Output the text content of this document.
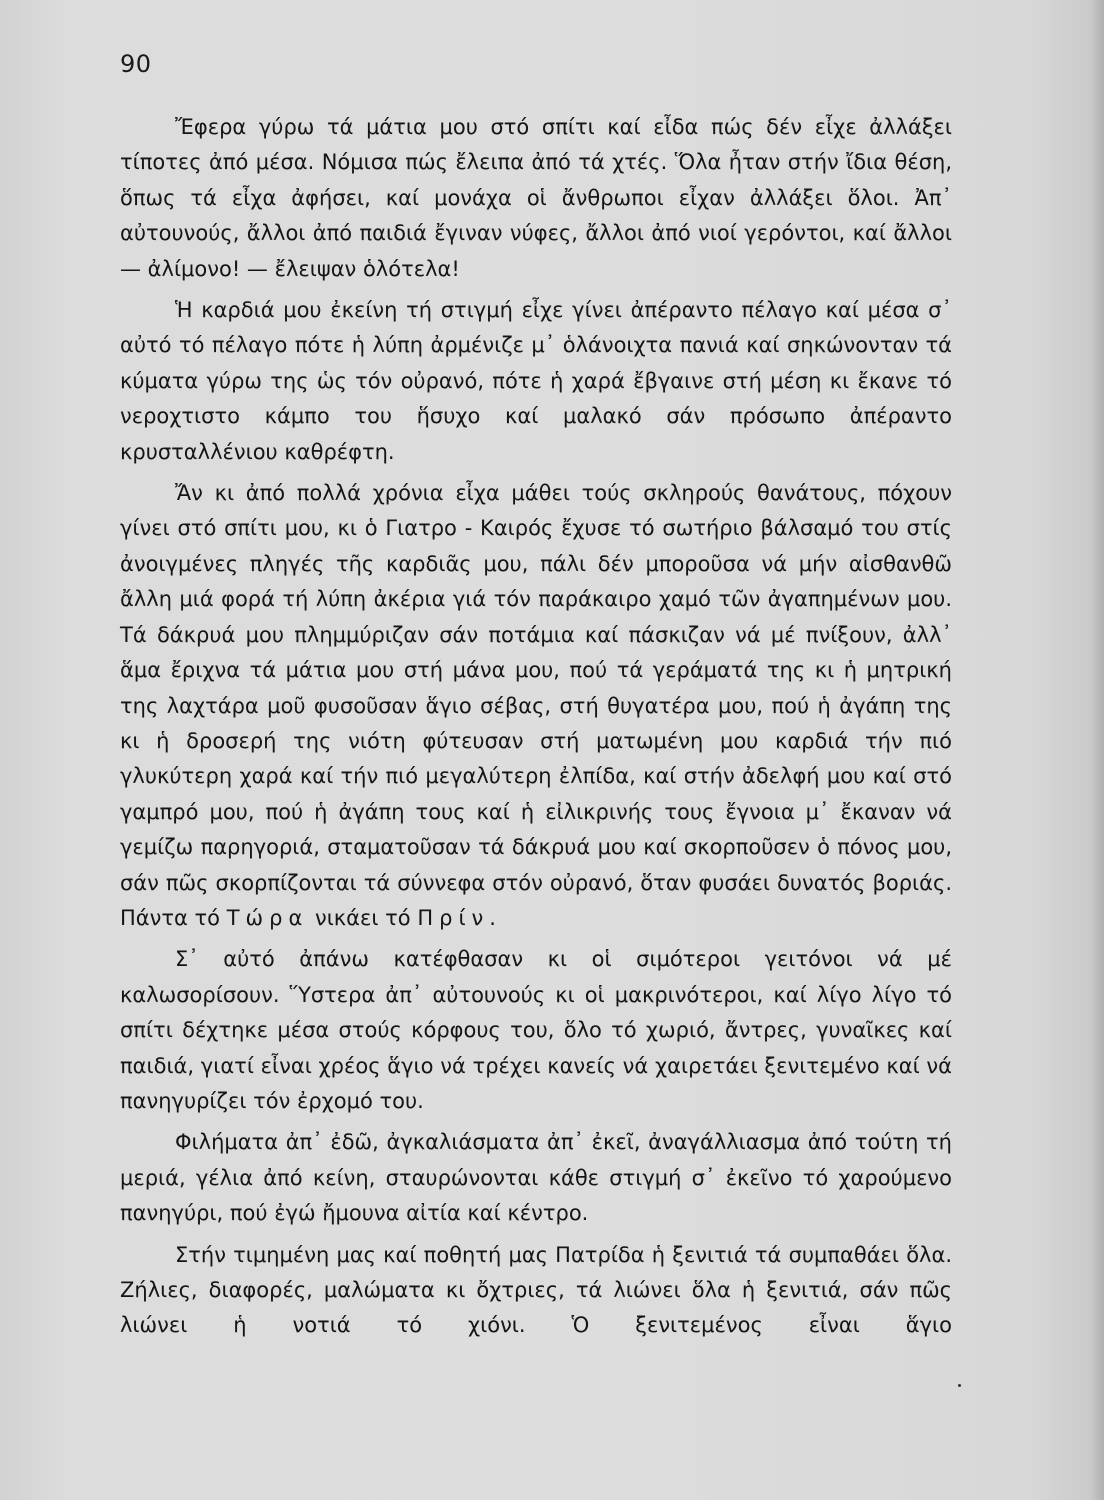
90

Ἔφερα γύρω τά μάτια μου στό σπίτι καί εἶδα πώς δέν εἶχε ἀλλάξει τίποτες ἀπό μέσα. Νόμισα πώς ἔλειπα ἀπό τά χτές. Ὅλα ἦταν στήν ἴδια θέση, ὅπως τά εἶχα ἀφήσει, καί μονάχα οἱ ἄνθρωποι εἶχαν ἀλλάξει ὅλοι. Ἀπ᾿ αὐτουνούς, ἄλλοι ἀπό παιδιά ἔγιναν νύφες, ἄλλοι ἀπό νιοί γερόντοι, καί ἄλλοι — ἀλίμονο! — ἔλειψαν ὁλότελα!

Ἡ καρδιά μου ἐκείνη τή στιγμή εἶχε γίνει ἀπέραντο πέλαγο καί μέσα σ᾿ αὐτό τό πέλαγο πότε ἡ λύπη ἀρμένιζε μ᾿ ὁλάνοιχτα πανιά καί σηκώνονταν τά κύματα γύρω της ὡς τόν οὐρανό, πότε ἡ χαρά ἔβγαινε στή μέση κι ἔκανε τό νεροχτιστο κάμπο του ἥσυχο καί μαλακό σάν πρόσωπο ἀπέραντο κρυσταλλένιου καθρέφτη.

Ἄν κι ἀπό πολλά χρόνια εἶχα μάθει τούς σκληρούς θανάτους, πόχουν γίνει στό σπίτι μου, κι ὁ Γιατρο - Καιρός ἔχυσε τό σωτήριο βάλσαμό του στίς ἀνοιγμένες πληγές τῆς καρδιᾶς μου, πάλι δέν μποροῦσα νά μήν αἰσθανθῶ ἄλλη μιά φορά τή λύπη ἀκέρια γιά τόν παράκαιρο χαμό τῶν ἀγαπημένων μου. Τά δάκρυά μου πλημμύριζαν σάν ποτάμια καί πάσκιζαν νά μέ πνίξουν, ἀλλ᾿ ἅμα ἔριχνα τά μάτια μου στή μάνα μου, πού τά γεράματά της κι ἡ μητρική της λαχτάρα μοῦ φυσοῦσαν ἅγιο σέβας, στή θυγατέρα μου, πού ἡ ἀγάπη της κι ἡ δροσερή της νιότη φύτευσαν στή ματωμένη μου καρδιά τήν πιό γλυκύτερη χαρά καί τήν πιό μεγαλύτερη ἐλπίδα, καί στήν ἀδελφή μου καί στό γαμπρό μου, πού ἡ ἀγάπη τους καί ἡ εἰλικρινής τους ἔγνοια μ᾿ ἔκαναν νά γεμίζω παρηγοριά, σταματοῦσαν τά δάκρυά μου καί σκορποῦσεν ὁ πόνος μου, σάν πῶς σκορπίζονται τά σύννεφα στόν οὐρανό, ὅταν φυσάει δυνατός βοριάς. Πάντα τό Τώρα νικάει τό Πρίν.

Σ᾿ αὐτό ἀπάνω κατέφθασαν κι οἱ σιμότεροι γειτόνοι νά μέ καλωσορίσουν. Ὕστερα ἀπ᾿ αὐτουνούς κι οἱ μακρινότεροι, καί λίγο λίγο τό σπίτι δέχτηκε μέσα στούς κόρφους του, ὅλο τό χωριό, ἄντρες, γυναῖκες καί παιδιά, γιατί εἶναι χρέος ἅγιο νά τρέχει κανείς νά χαιρετάει ξενιτεμένο καί νά πανηγυρίζει τόν ἐρχομό του.

Φιλήματα ἀπ᾿ ἐδῶ, ἀγκαλιάσματα ἀπ᾿ ἐκεῖ, ἀναγάλλιασμα ἀπό τούτη τή μεριά, γέλια ἀπό κείνη, σταυρώνονται κάθε στιγμή σ᾿ ἐκεῖνο τό χαρούμενο πανηγύρι, πού ἐγώ ἤμουνα αἰτία καί κέντρο.

Στήν τιμημένη μας καί ποθητή μας Πατρίδα ἡ ξενιτιά τά συμπαθάει ὅλα. Ζήλιες, διαφορές, μαλώματα κι ὄχτριες, τά λιώνει ὅλα ἡ ξενιτιά, σάν πῶς λιώνει ἡ νοτιά τό χιόνι. Ὁ ξενιτεμένος εἶναι ἅγιο
